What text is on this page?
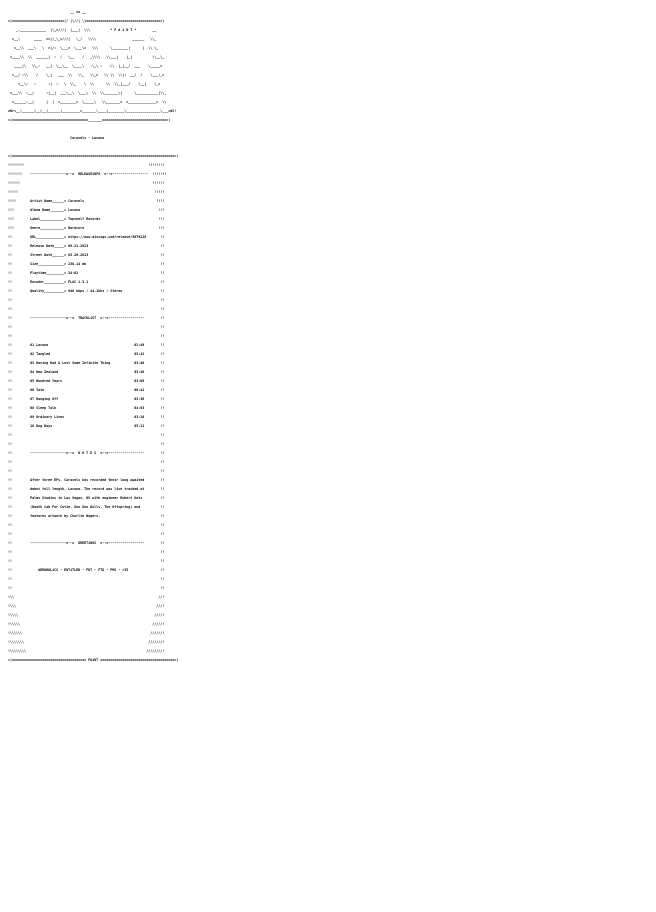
__ == __
<(==========================(/ |\//| \)=====================================>)
_._____________  |\_<///|  |___|  \\\          * F A i N T *        __
<__\       ____  >>|/_\_<///|   \_/   \\\\                  ______   \\_
<__\\  ___\   \  >|/:  \___>  \___\>   \\\      \________|      |  \\ \_
<____\\  \\  ______|  :  /   \__    /   _\\\\   \\___|    |_|          \\__\_
____|\   \\_:   __|  \__\__  \____\   .\_\ :   .\\  |_|__/  ___    \_____>
<__/ :\\    /    \_|   ___  \\   \\_   \\_>   \\ \\  \\|:  __/  /    \___:_>
<__\:   :      :|  :   \  \\_    \  \\      \\  \\_|___/    \__|    \_>
<___\\  :__|      :|__|  ___\__\  \___\  \\  \\_______\|      \___________|\\_
<______:__|      |  |  <________>  \_____\   \\_______>  <______________>  \\
zNr<__\______|__|__|______|_________>_______\____|________\_________________\___>dS!
<(======================================_______================================>)

Caravels - Lacuna

<(=================================================================================>)
!!!!!!!!	!!!!!!!!
!!!!!!!    ------------------=--=  RELEASEiNFO  =--=------------------  !!!!!!!
!!!!!!	!!!!!!
!!!!!	!!!!!
!!!!       Artist Name______> Caravels	!!!!
!!!        Album Name_______> Lacuna	!!!
!!!        Label____________> Topshelf Records	!!!
!!!        Genre____________> Hardcore	!!!
!!         URL______________> https://www.discogs.com/release/5679228	!!
!!         Release Date_____> 09.21.2023	!!
!!         Street Date______> 03.26.2013	!!
!!         Size_____________> 238.14 mb	!!
!!         Playtime_________> 34:02	!!
!!         Encoder__________> FLAC 1.3.1	!!
!!         Quality__________> 940 kbps / 44.1khz / Stereo	!!
!!	!!
!!	!!
!!         ------------------=--=  TRACKLiST  =--=------------------	!!
!!	!!
!!	!!
!!         01 Lacuna	02:49	!!
!!         02 Tangled	03:42	!!
!!         03 Having Had & Lost Some Infinite Thing	03:46	!!
!!         04 New Zealand	03:48	!!
!!         05 Hundred Years	03:08	!!
!!         06 Twin	00:41	!!
!!         07 Hanging Off	03:36	!!
!!         08 Sleep Talk	04:03	!!
!!         09 Ordinary Lives	03:18	!!
!!         10 Dog Days	05:11	!!
!!	!!
!!	!!
!!         ------------------=--=  N O T E S  =--=------------------	!!
!!	!!
!!	!!
!!         After three EPs, Caravels has recorded their long awaited	!!
!!         debut full length, Lacuna. The record was live tracked at	!!
!!         Palms Studios in Las Vegas, NV with engineer Robert Katz	!!
!!         (Death Cab For Cutie, Goo Goo Dolls, The Offspring) and	!!
!!         features artwork by Charlie Wagers.	!!
!!	!!
!!	!!
!!         ------------------=--=  GREETiNGS  =--=------------------	!!
!!	!!
!!	!!
!!	AEROHOLiCS - ENTiTLED - FNT - FTD - PMS - r35	!!
!!	!!
!!	!!
!\\	//!
!\\\	///!
!\\\\	////!
!\\\\\	/////!
!\\\\\\	//////!
!\\\\\\\	///////!
!\\\\\\\\	////////!
<(===================================== FAiNT =====================================>)
